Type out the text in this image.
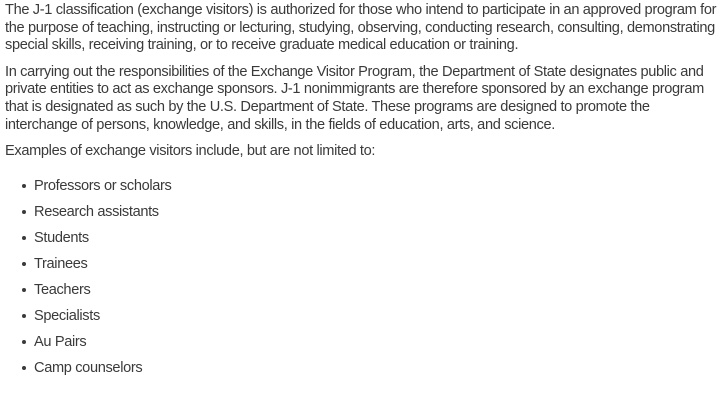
The J-1 classification (exchange visitors) is authorized for those who intend to participate in an approved program for the purpose of teaching, instructing or lecturing, studying, observing, conducting research, consulting, demonstrating special skills, receiving training, or to receive graduate medical education or training.

In carrying out the responsibilities of the Exchange Visitor Program, the Department of State designates public and private entities to act as exchange sponsors. J-1 nonimmigrants are therefore sponsored by an exchange program that is designated as such by the U.S. Department of State. These programs are designed to promote the interchange of persons, knowledge, and skills, in the fields of education, arts, and science.

Examples of exchange visitors include, but are not limited to:

Professors or scholars
Research assistants
Students
Trainees
Teachers
Specialists
Au Pairs
Camp counselors
